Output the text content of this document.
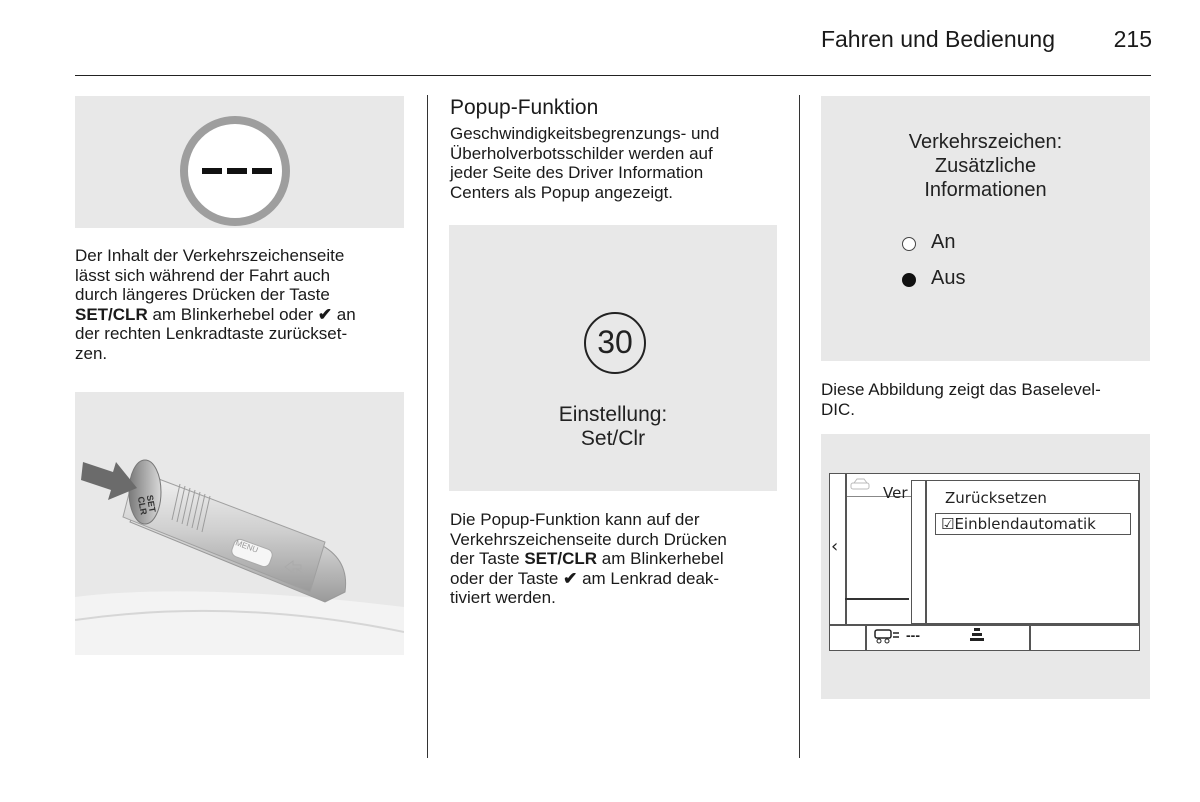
Fahren und Bedienung	215
Der Inhalt der Verkehrszeichenseite
lässt sich während der Fahrt auch
durch längeres Drücken der Taste
SET/CLR am Blinkerhebel oder ✔ an
der rechten Lenkradtaste zurückset-
zen.
SET
CLR
MENU
Popup-Funktion
Geschwindigkeitsbegrenzungs- und
Überholverbotsschilder werden auf
jeder Seite des Driver Information
Centers als Popup angezeigt.
30
Einstellung:
Set/Clr
Die Popup-Funktion kann auf der
Verkehrszeichenseite durch Drücken
der Taste SET/CLR am Blinkerhebel
oder der Taste ✔ am Lenkrad deak-
tiviert werden.
Verkehrszeichen:
Zusätzliche
Informationen
An
Aus
Diese Abbildung zeigt das Baselevel-
DIC.
Ver
‹
Zurücksetzen
☑Einblendautomatik
---
